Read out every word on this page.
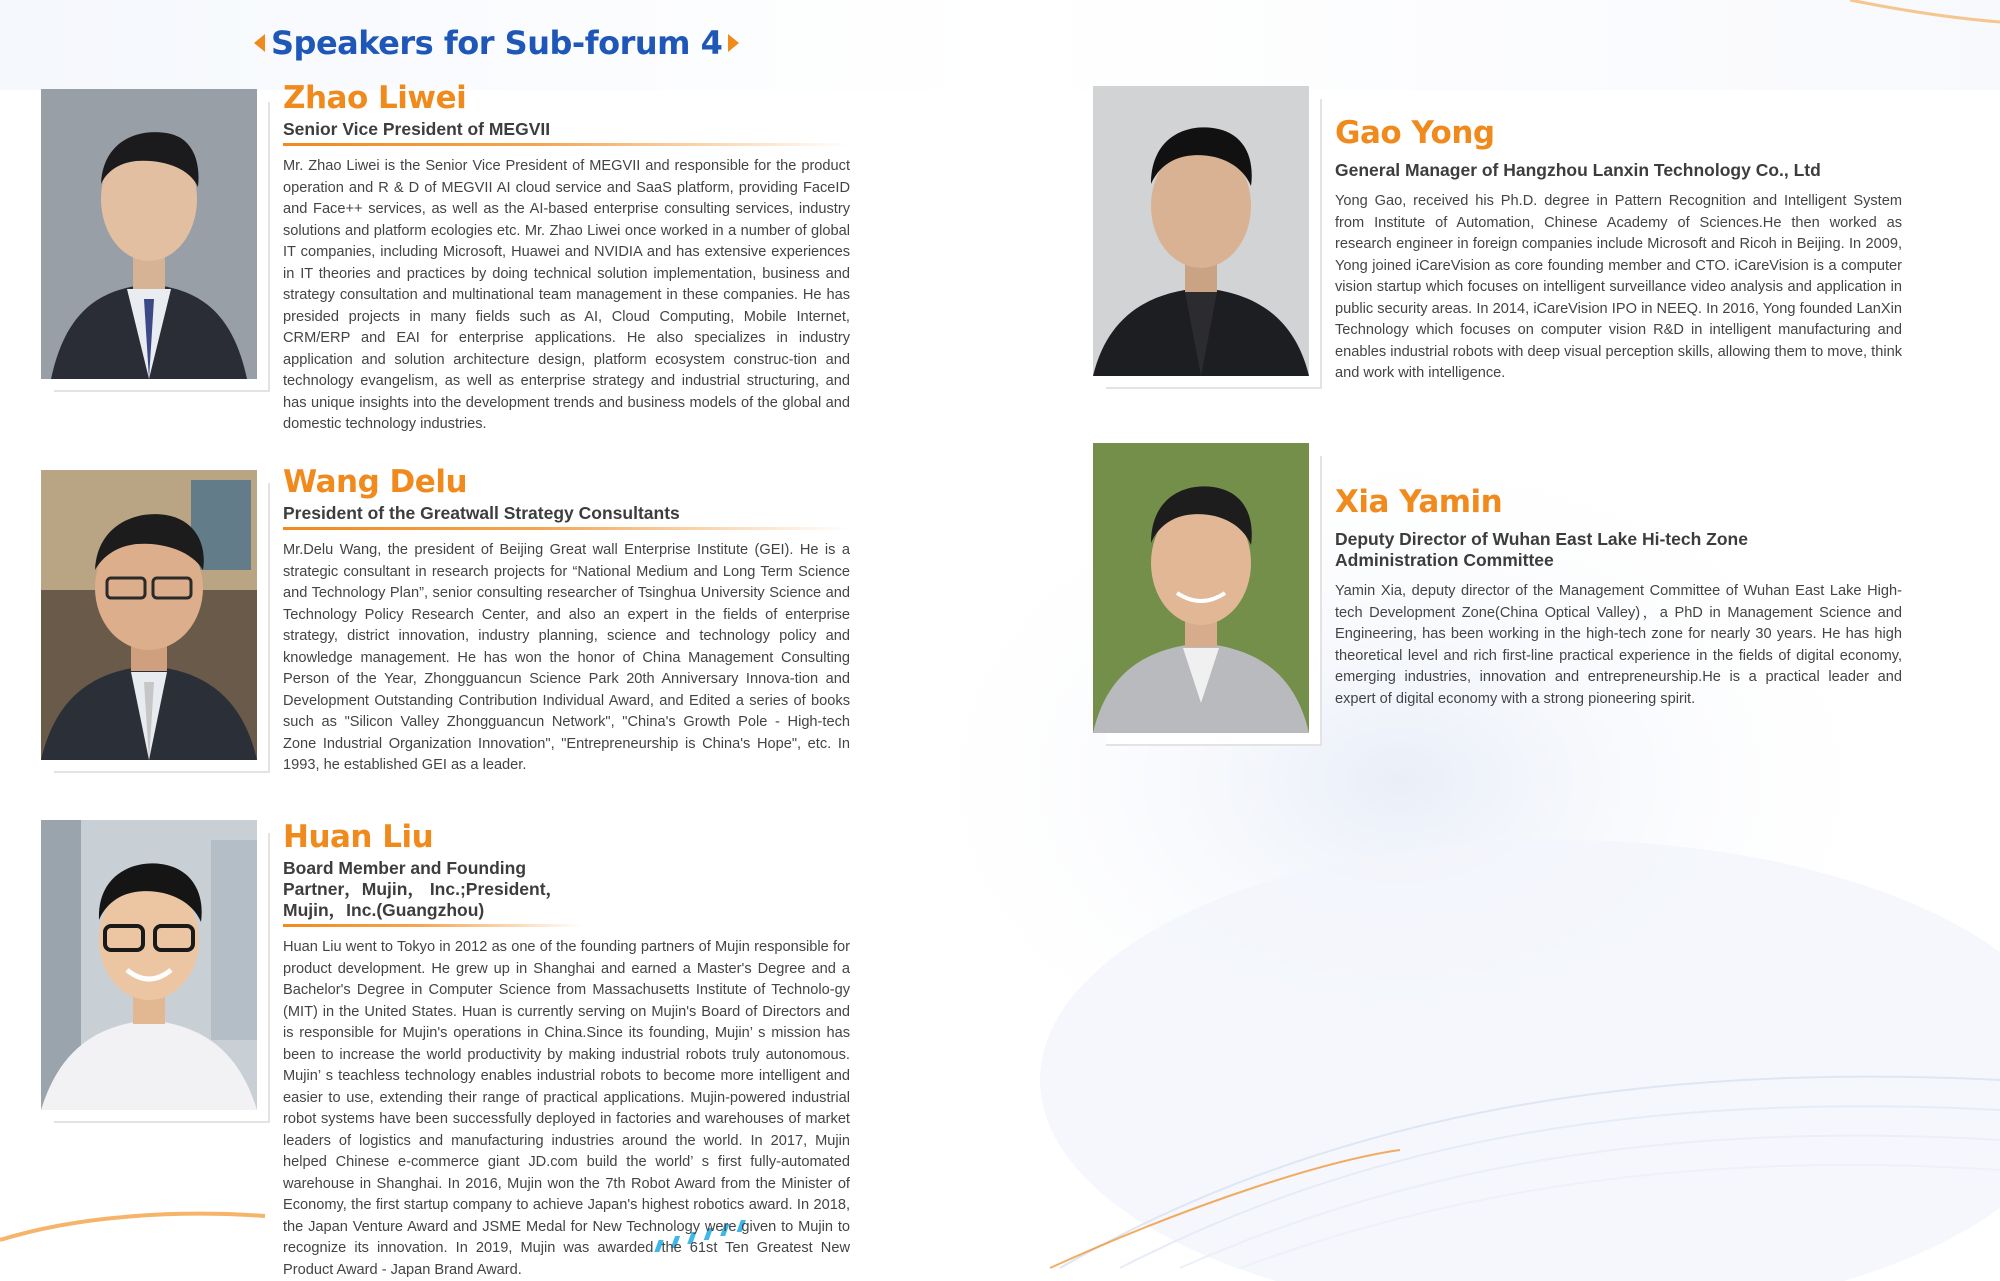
Speakers for Sub-forum 4
Zhao Liwei
Senior Vice President of MEGVII
Mr. Zhao Liwei is the Senior Vice President of MEGVII and responsible for the product operation and R & D of MEGVII AI cloud service and SaaS platform, providing FaceID and Face++ services, as well as the AI-based enterprise consulting services, industry solutions and platform ecologies etc. Mr. Zhao Liwei once worked in a number of global IT companies, including Microsoft, Huawei and NVIDIA and has extensive experiences in IT theories and practices by doing technical solution implementation, business and strategy consultation and multinational team management in these companies. He has presided projects in many fields such as AI, Cloud Computing, Mobile Internet, CRM/ERP and EAI for enterprise applications. He also specializes in industry application and solution architecture design, platform ecosystem construc-tion and technology evangelism, as well as enterprise strategy and industrial structuring, and has unique insights into the development trends and business models of the global and domestic technology industries.
Wang Delu
President of the Greatwall Strategy Consultants
Mr.Delu Wang, the president of Beijing Great wall Enterprise Institute (GEI). He is a strategic consultant in research projects for “National Medium and Long Term Science and Technology Plan”, senior consulting researcher of Tsinghua University Science and Technology Policy Research Center, and also an expert in the fields of enterprise strategy, district innovation, industry planning, science and technology policy and knowledge management. He has won the honor of China Management Consulting Person of the Year, Zhongguancun Science Park 20th Anniversary Innova-tion and Development Outstanding Contribution Individual Award, and Edited a series of books such as "Silicon Valley Zhongguancun Network", "China's Growth Pole - High-tech Zone Industrial Organization Innovation", "Entrepreneurship is China's Hope", etc. In 1993, he established GEI as a leader.
Huan Liu
Board Member and Founding Partner，Mujin， Inc.;President，Mujin，Inc.(Guangzhou)
Huan Liu went to Tokyo in 2012 as one of the founding partners of Mujin responsible for product development. He grew up in Shanghai and earned a Master's Degree and a Bachelor's Degree in Computer Science from Massachusetts Institute of Technolo-gy (MIT) in the United States. Huan is currently serving on Mujin's Board of Directors and is responsible for Mujin's operations in China.Since its founding, Mujin’ s mission has been to increase the world productivity by making industrial robots truly autonomous. Mujin’ s teachless technology enables industrial robots to become more intelligent and easier to use, extending their range of practical applications. Mujin-powered industrial robot systems have been successfully deployed in factories and warehouses of market leaders of logistics and manufacturing industries around the world. In 2017, Mujin helped Chinese e-commerce giant JD.com build the world’ s first fully-automated warehouse in Shanghai. In 2016, Mujin won the 7th Robot Award from the Minister of Economy, the first startup company to achieve Japan's highest robotics award. In 2018, the Japan Venture Award and JSME Medal for New Technology were given to Mujin to recognize its innovation. In 2019, Mujin was awarded the 61st Ten Greatest New Product Award - Japan Brand Award.
Gao Yong
General Manager of Hangzhou Lanxin Technology Co., Ltd
Yong Gao, received his Ph.D. degree in Pattern Recognition and Intelligent System from Institute of Automation, Chinese Academy of Sciences.He then worked as research engineer in foreign companies include Microsoft and Ricoh in Beijing. In 2009, Yong joined iCareVision as core founding member and CTO. iCareVision is a computer vision startup which focuses on intelligent surveillance video analysis and application in public security areas. In 2014, iCareVision IPO in NEEQ. In 2016, Yong founded LanXin Technology which focuses on computer vision R&D in intelligent manufacturing and enables industrial robots with deep visual perception skills, allowing them to move, think and work with intelligence.
Xia Yamin
Deputy Director of Wuhan East Lake Hi-tech Zone Administration Committee
Yamin Xia, deputy director of the Management Committee of Wuhan East Lake High-tech Development Zone(China Optical Valley)，a PhD in Management Science and Engineering, has been working in the high-tech zone for nearly 30 years. He has high theoretical level and rich first-line practical experience in the fields of digital economy, emerging industries, innovation and entrepreneurship.He is a practical leader and expert of digital economy with a strong pioneering spirit.
